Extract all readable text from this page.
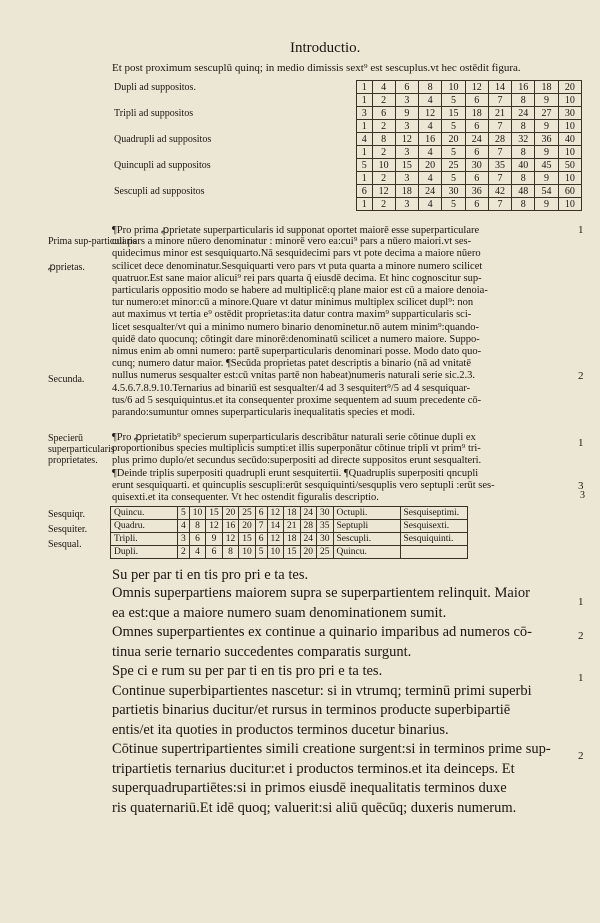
Introductio.
Et post proximum sescuplū quinq; in medio dimissis sext⁹ est sescuplus.vt hec ostēdit figura.
Dupli ad suppositos.	1	4	6	8	10	12	14	16	18	20
	1	2	3	4	5	6	7	8	9	10
Tripli ad suppositos	3	6	9	12	15	18	21	24	27	30
	1	2	3	4	5	6	7	8	9	10
Quadrupli ad suppositos	4	8	12	16	20	24	28	32	36	40
	1	2	3	4	5	6	7	8	9	10
Quincupli ad suppositos	5	10	15	20	25	30	35	40	45	50
	1	2	3	4	5	6	7	8	9	10
Sescupli ad suppositos	6	12	18	24	30	36	42	48	54	60
	1	2	3	4	5	6	7	8	9	10
¶Pro prima ꝓprietate superparticularis id supponat oportet maiorē esse superparticulare
cui pars a minore nūero denominatur : minorē vero ea:cui⁹ pars a nūero maiori.vt ses-
quidecimus minor est sesquiquarto.Nā sesquidecimi pars vt pote decima a maiore nūero
scilicet dece denominatur.Sesquiquarti vero pars vt puta quarta a minore numero scilicet
quatruor.Est sane maior alicui⁹ rei pars quarta q̄ eiusdē decima. Et hinc cognoscitur sup-
particularis oppositio modo se habere ad multiplicē:q plane maior est cū a maiore denoia-
tur numero:et minor:cū a minore.Quare vt datur minimus multiplex scilicet dupl⁹: non
aut maximus vt tertia e⁹ ostēdit proprietas:ita datur contra maxim⁹ supparticularis sci-
licet sesqualter/vt qui a minimo numero binario denominetur.nō autem minim⁹:quando-
quidē dato quocunq; cōtingit dare minorē:denominatū scilicet a numero maiore. Suppo-
nimus enim ab omni numero: partē superparticularis denominari posse. Modo dato quo-
cunq; numero datur maior. ¶Secūda proprietas patet descriptis a binario (nā ad vnitatē
nullus numerus sesqualter est:cū vnitas partē non habeat)numeris naturali serie sic.2.3.
4.5.6.7.8.9.10.Ternarius ad binariū est sesqualter/4 ad 3 sesquitert⁹/5 ad 4 sesquiquar-
tus/6 ad 5 sesquiquintus.et ita consequenter proxime sequentem ad suum precedente cō-
parando:sumuntur omnes superparticularis inequalitatis species et modi.
Prima sup-particularis
ꝓprietas.
Secunda.
Specierū superparticularis proprietates.
¶Pro ꝓprietatib⁹ specierum superparticularis describātur naturali serie cōtinue dupli ex
proportionibus species multiplicis sumpti:et illis superponātur cōtinue tripli vt prim⁹ tri-
plus primo duplo/et secundus secūdo:superpositi ad directe suppositos erunt sesqualteri.
¶Deinde triplis superpositi quadrupli erunt sesquitertii. ¶Quadruplis superpositi qncupli
erunt sesquiquarti. et quincuplis sescupli:erūt sesquiquinti/sesquplis vero septupli :erūt ses-
quisexti.et ita consequenter. Vt hec ostendit figuralis descriptio.
Sesquiqr.
Sesquiter.
Sesqual.
Quincu.	5	10	15	20	25	6	12	18	24	30	Octupli.	Sesquiseptimi.
Quadru.	4	8	12	16	20	7	14	21	28	35	Septupli	Sesquisexti.
Tripli.	3	6	9	12	15	6	12	18	24	30	Sescupli.	Sesquiquinti.
Dupli.	2	4	6	8	10	5	10	15	20	25	Quincu.	
Su per par ti en tis pro pri e ta tes.
Omnis superpartiens maiorem supra se superpartientem relinquit. Maior
ea est:que a maiore numero suam denominationem sumit.
Omnes superpartientes ex continue a quinario imparibus ad numeros cō-
tinua serie ternario succedentes comparatis surgunt.
Spe ci e rum su per par ti en tis pro pri e ta tes.
Continue superbipartientes nascetur: si in vtrumq; terminū primi superbi
partietis binarius ducitur/et rursus in terminos producte superbipartiē
entis/et ita quoties in productos terminos ducetur binarius.
Cōtinue supertripartientes simili creatione surgent:si in terminos prime sup-
tripartietis ternarius ducitur:et i productos terminos.et ita deinceps. Et
superquadrupartiētes:si in primos eiusdē inequalitatis terminos duxe
ris quaternariū.Et idē quoq; valuerit:si aliū quēcūq; duxeris numerum.
1
2
1
3
1
2
1
2
3
